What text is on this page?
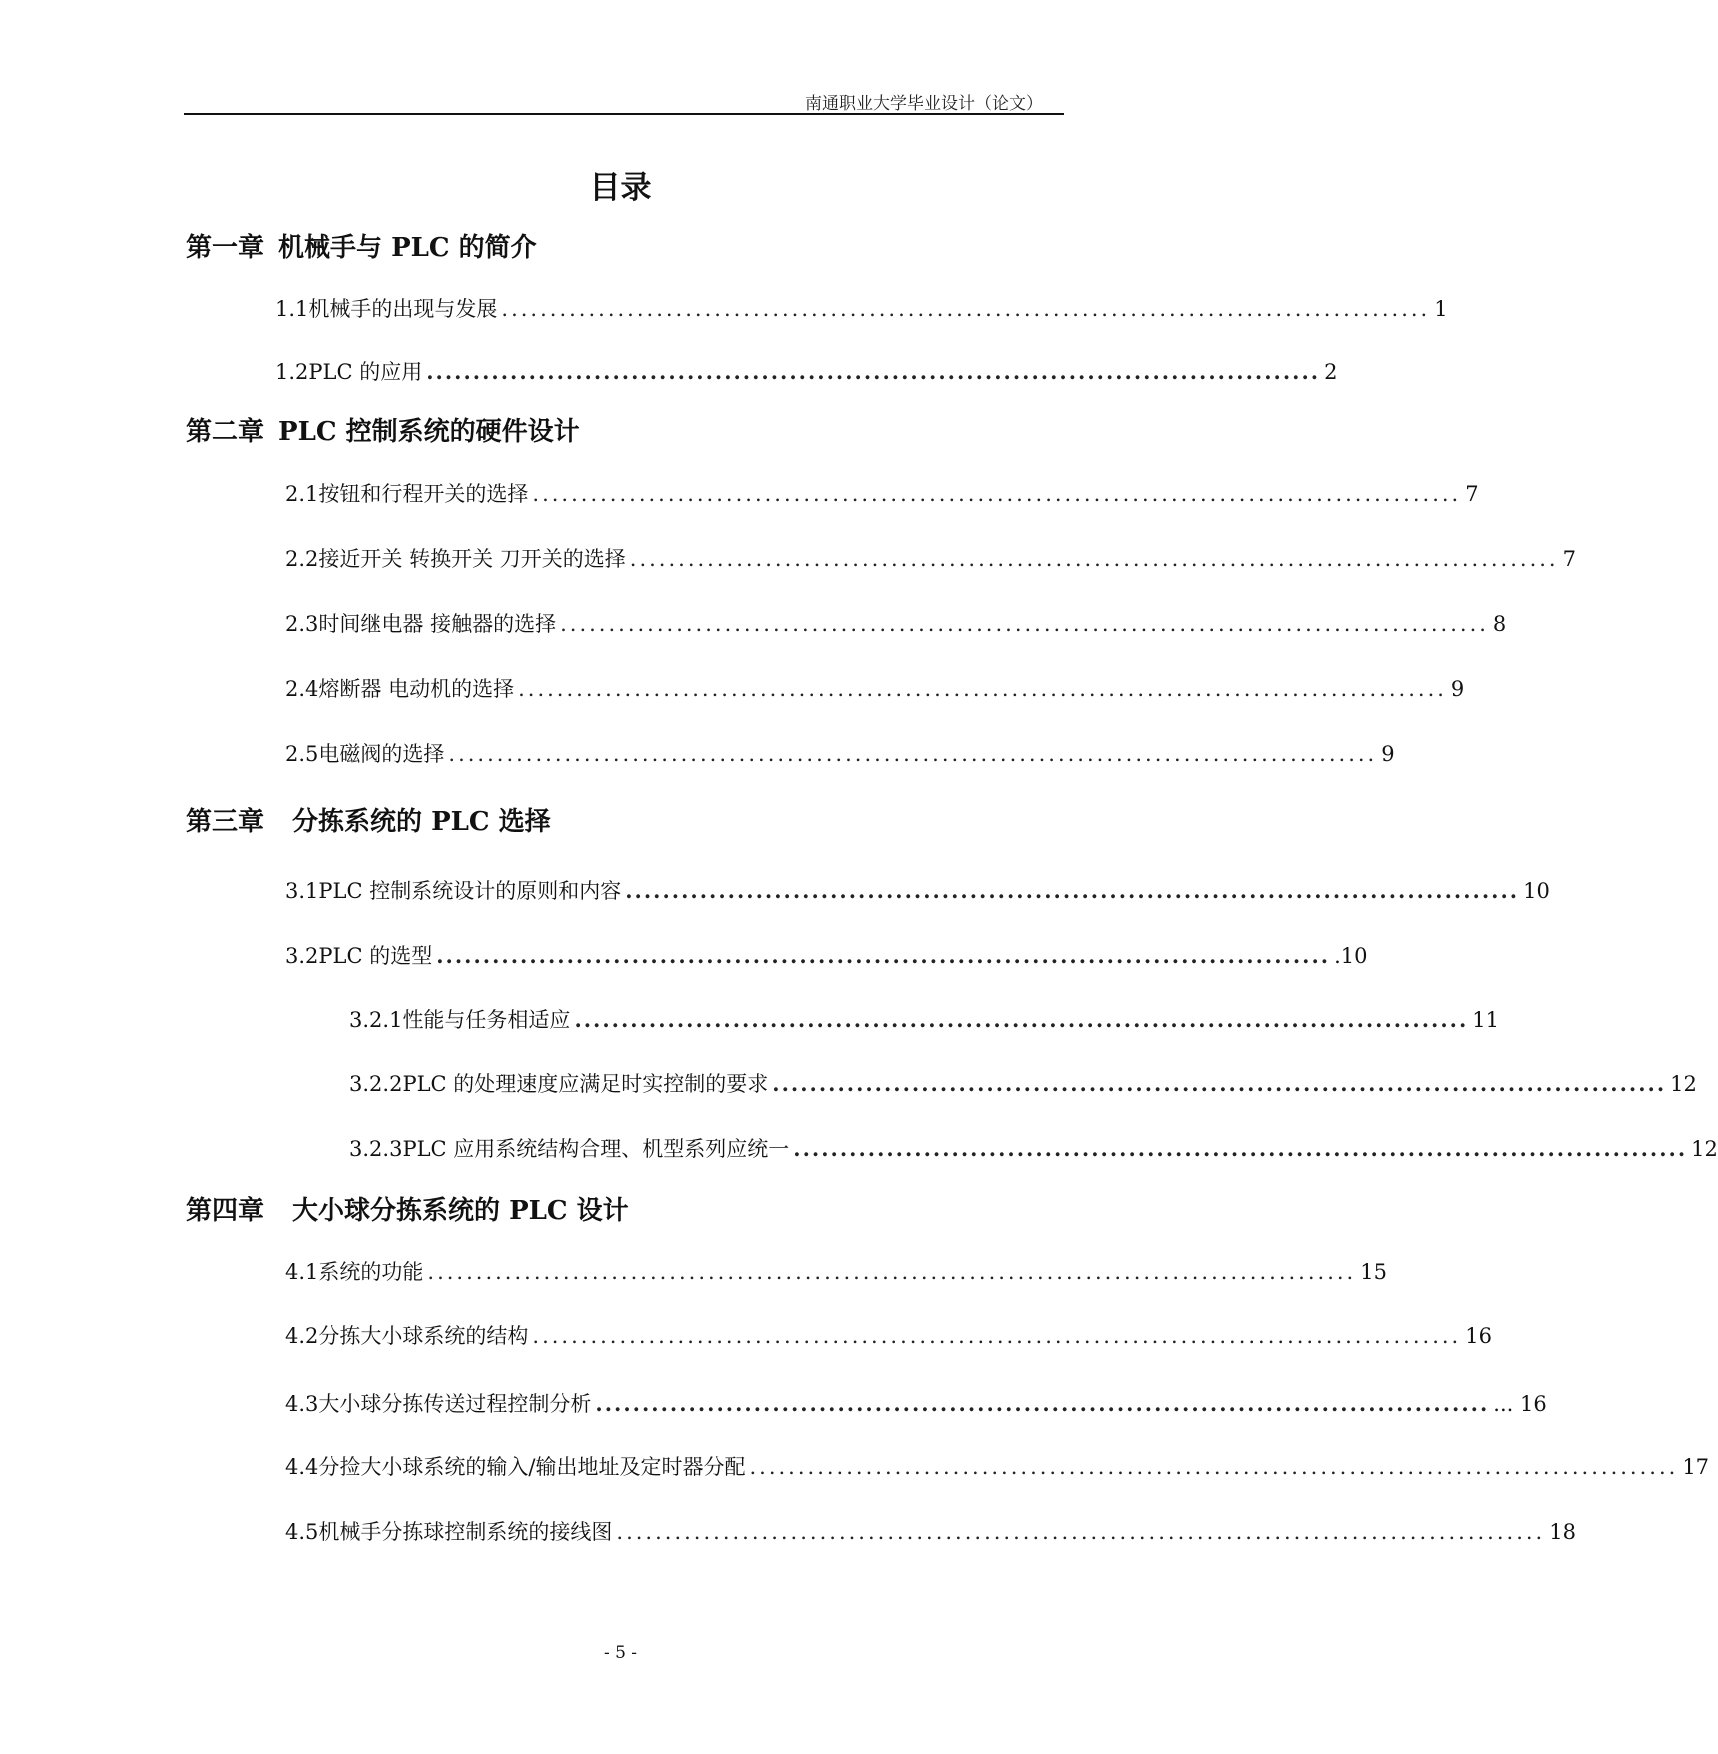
南通职业大学毕业设计（论文）
目录
第一章 机械手与 PLC 的简介
1.1 机械手的出现与发展 ................................................................................................ 1
1.2 PLC 的应用 ................................................................................................ 2
第二章 PLC 控制系统的硬件设计
2.1 按钮和行程开关的选择 ................................................................................................ 7
2.2 接近开关 转换开关 刀开关的选择 ................................................................................................ 7
2.3 时间继电器 接触器的选择 ................................................................................................ 8
2.4 熔断器 电动机的选择 ................................................................................................ 9
2.5 电磁阀的选择 ................................................................................................ 9
第三章 分拣系统的 PLC 选择
3.1 PLC 控制系统设计的原则和内容 ................................................................................................ 10
3.2 PLC 的选型 ................................................................................................ .10
3.2.1 性能与任务相适应 ................................................................................................ 11
3.2.2 PLC 的处理速度应满足时实控制的要求 ................................................................................................ 12
3.2.3 PLC 应用系统结构合理、机型系列应统一 ................................................................................................ 12
第四章 大小球分拣系统的 PLC 设计
4.1 系统的功能 ................................................................................................ 15
4.2 分拣大小球系统的结构 ................................................................................................ 16
4.3 大小球分拣传送过程控制分析 ................................................................................................ ... 16
4.4 分捡大小球系统的输入/输出地址及定时器分配 ................................................................................................ 17
4.5 机械手分拣球控制系统的接线图 ................................................................................................ 18
- 5 -
